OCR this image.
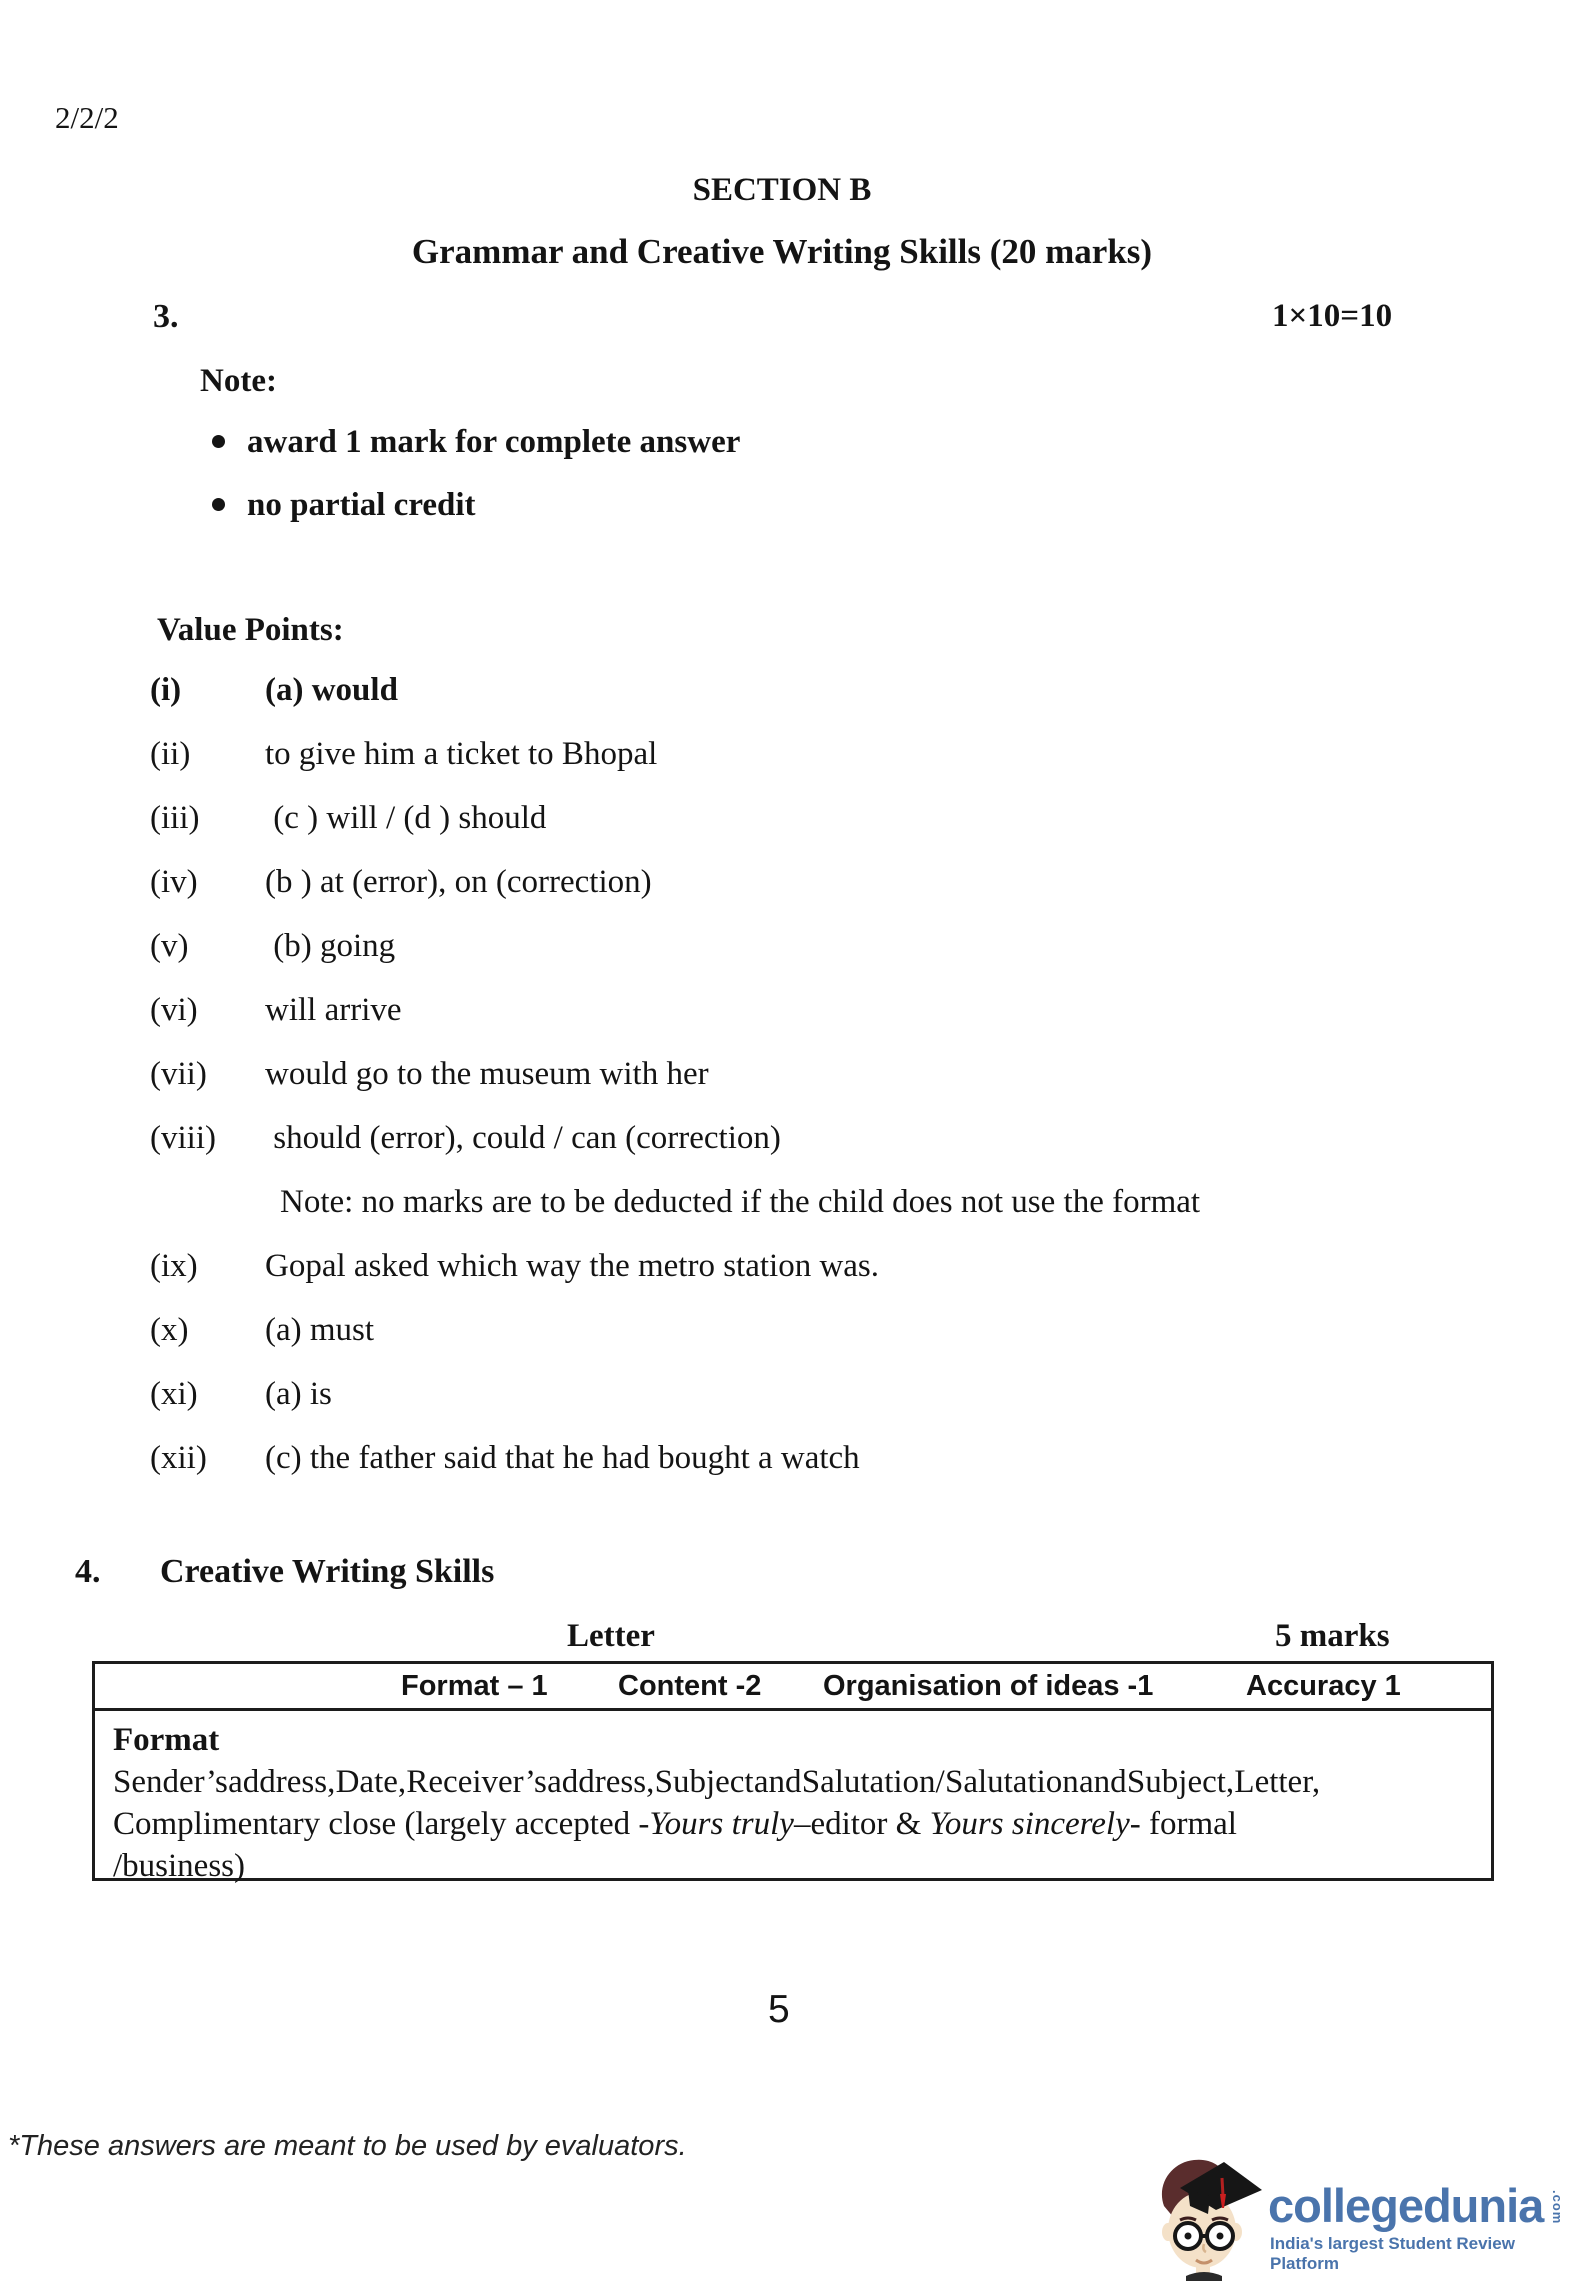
2/2/2
SECTION B
Grammar and Creative Writing Skills (20 marks)
3.	1×10=10
Note:
award 1 mark for complete answer
no partial credit
Value Points:
(i)	(a) would
(ii) to give him a ticket to Bhopal
(iii) (c ) will / (d ) should
(iv) (b ) at (error), on (correction)
(v) (b) going
(vi) will arrive
(vii) would go to the museum with her
(viii) should (error), could / can (correction)
Note: no marks are to be deducted if the child does not use the format
(ix) Gopal asked which way the metro station was.
(x) (a) must
(xi) (a) is
(xii) (c) the father said that he had bought a watch
4. Creative Writing Skills
Letter	5 marks
Format – 1 Content -2 Organisation of ideas -1	Accuracy 1

Format

Sender’s address, Date, Receiver’s address, Subject and Salutation/ Salutation and Subject, Letter,

Complimentary close (largely accepted -Yours truly–editor & Yours sincerely- formal

/business)

5
*These answers are meant to be used by evaluators.
collegedunia .com
India's largest Student Review Platform
